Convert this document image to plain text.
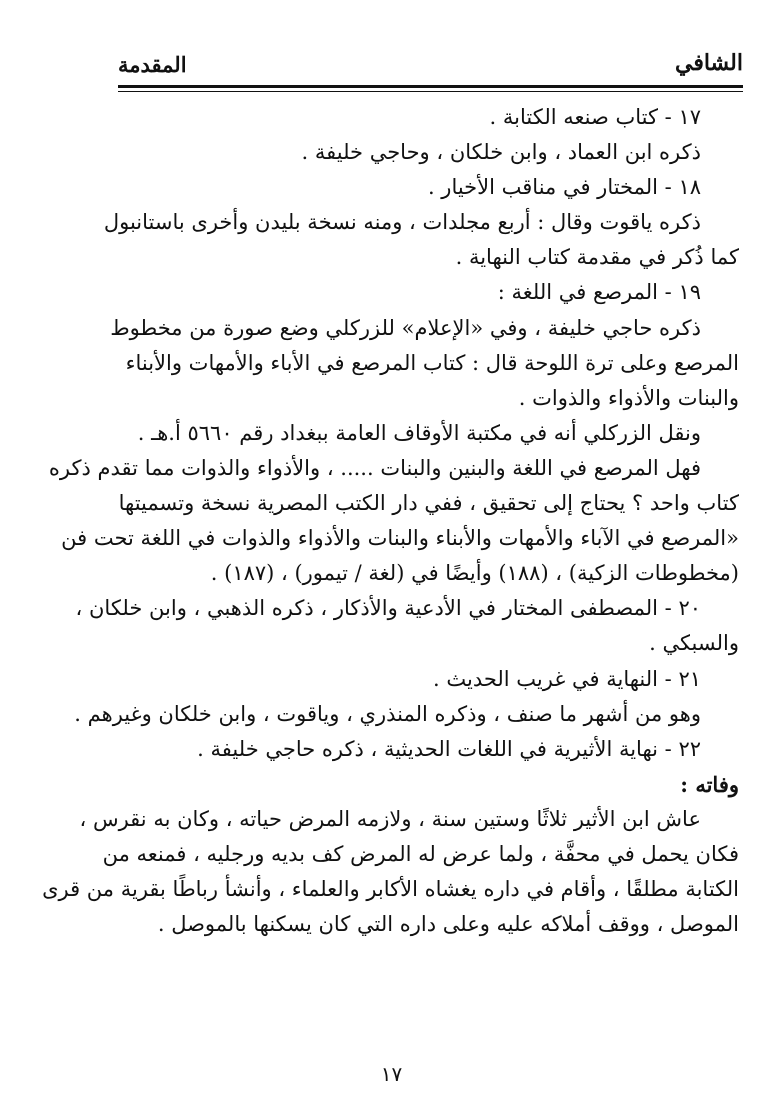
الشافي
المقدمة
١٧ - كتاب صنعه الكتابة .
ذكره ابن العماد ، وابن خلكان ، وحاجي خليفة .
١٨ - المختار في مناقب الأخيار .
ذكره ياقوت وقال : أربع مجلدات ، ومنه نسخة بليدن وأخرى باستانبول
كما ذُكر في مقدمة كتاب النهاية .
١٩ - المرصع في اللغة :
ذكره حاجي خليفة ، وفي «الإعلام» للزركلي وضع صورة من مخطوط
المرصع وعلى ترة اللوحة قال : كتاب المرصع في الأباء والأمهات والأبناء
والبنات والأذواء والذوات .
ونقل الزركلي أنه في مكتبة الأوقاف العامة ببغداد رقم ٥٦٦٠ أ.هـ .
فهل المرصع في اللغة والبنين والبنات ..... ، والأذواء والذوات مما تقدم ذكره
كتاب واحد ؟ يحتاج إلى تحقيق ، ففي دار الكتب المصرية نسخة وتسميتها
«المرصع في الآباء والأمهات والأبناء والبنات والأذواء والذوات في اللغة تحت فن
(مخطوطات الزكية) ، (١٨٨) وأيضًا في (لغة / تيمور) ، (١٨٧) .
٢٠ - المصطفى المختار في الأدعية والأذكار ، ذكره الذهبي ، وابن خلكان ،
والسبكي .
٢١ - النهاية في غريب الحديث .
وهو من أشهر ما صنف ، وذكره المنذري ، وياقوت ، وابن خلكان وغيرهم .
٢٢ - نهاية الأثيرية في اللغات الحديثية ، ذكره حاجي خليفة .
وفاته :
عاش ابن الأثير ثلاثًا وستين سنة ، ولازمه المرض حياته ، وكان به نقرس ،
فكان يحمل في محفَّة ، ولما عرض له المرض كف بديه ورجليه ، فمنعه من
الكتابة مطلقًا ، وأقام في داره يغشاه الأكابر والعلماء ، وأنشأ رباطًا بقرية من قرى
الموصل ، ووقف أملاكه عليه وعلى داره التي كان يسكنها بالموصل .
١٧
